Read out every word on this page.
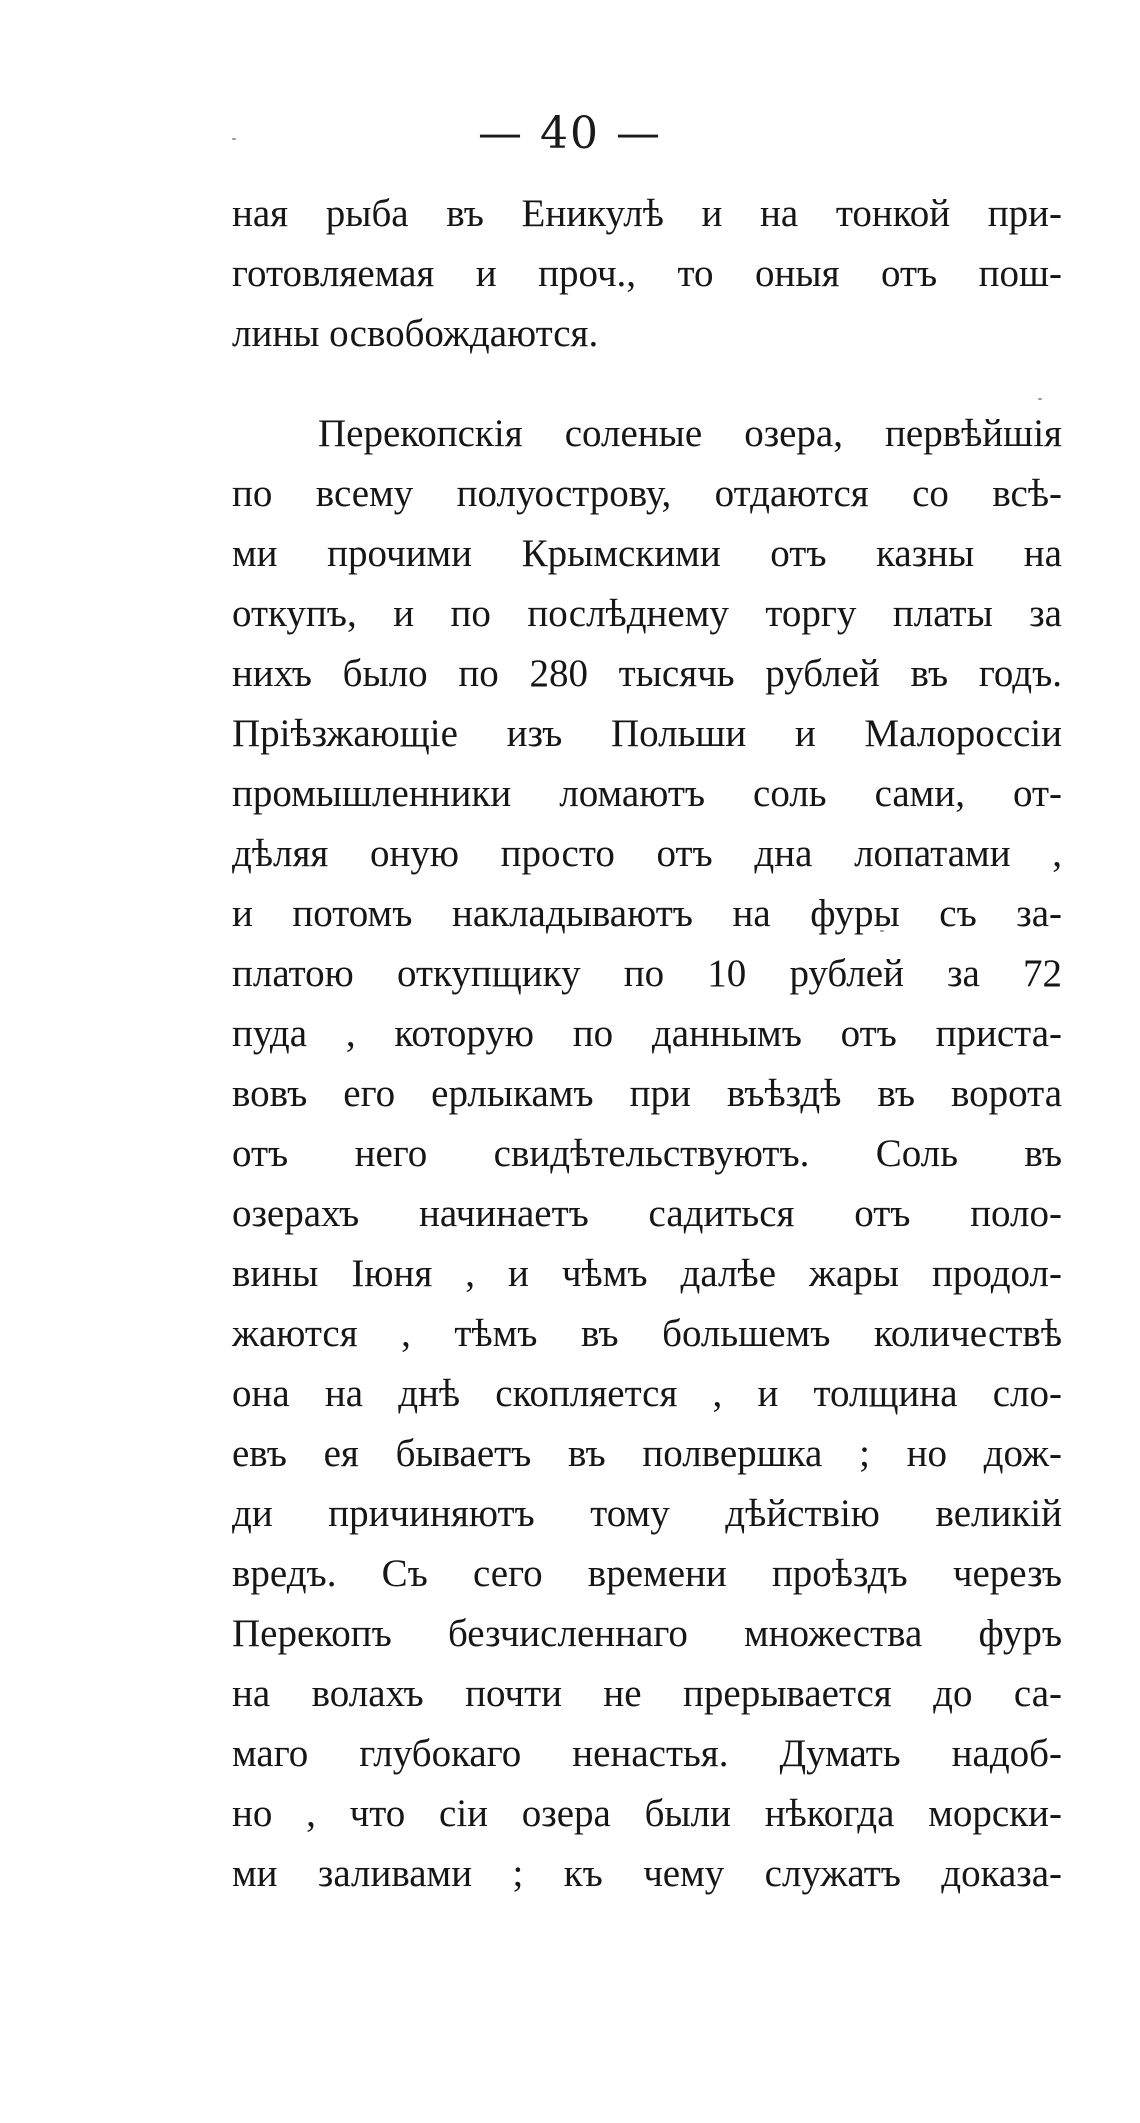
— 40 —
ная рыба въ Еникулѣ и на тонкой при-
готовляемая и проч., то оныя отъ пош-
лины освобождаются.
Перекопскія соленые озера, первѣйшія
по всему полуострову, отдаются со всѣ-
ми прочими Крымскими отъ казны на
откупъ, и по послѣднему торгу платы за
нихъ было по 280 тысячь рублей въ годъ.
Пріѣзжающіе изъ Польши и Малороссіи
промышленники ломаютъ соль сами, от-
дѣляя оную просто отъ дна лопатами ,
и потомъ накладываютъ на фуры съ за-
платою откупщику по 10 рублей за 72
пуда , которую по даннымъ отъ приста-
вовъ его ерлыкамъ при въѣздѣ въ ворота
отъ него свидѣтельствуютъ. Соль въ
озерахъ начинаетъ садиться отъ поло-
вины Іюня , и чѣмъ далѣе жары продол-
жаются , тѣмъ въ большемъ количествѣ
она на днѣ скопляется , и толщина сло-
евъ ея бываетъ въ полвершка ; но дож-
ди причиняютъ тому дѣйствію великій
вредъ. Съ сего времени проѣздъ черезъ
Перекопъ безчисленнаго множества фуръ
на волахъ почти не прерывается до са-
маго глубокаго ненастья. Думать надоб-
но , что сіи озера были нѣкогда морски-
ми заливами ; къ чему служатъ доказа-
